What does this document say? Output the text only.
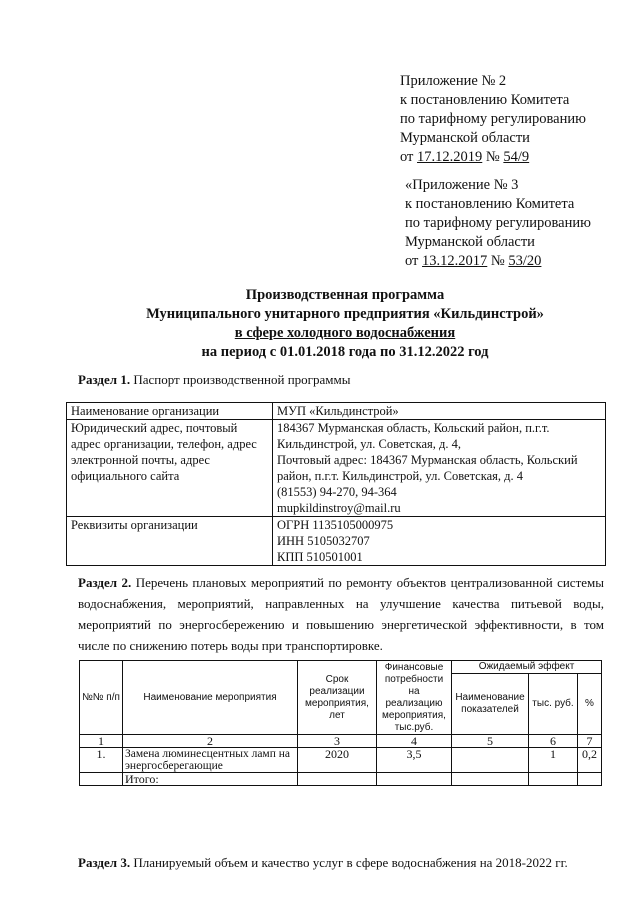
Приложение № 2
к постановлению Комитета
по тарифному регулированию
Мурманской области
от 17.12.2019 № 54/9
«Приложение № 3
к постановлению Комитета
по тарифному регулированию
Мурманской области
от 13.12.2017 № 53/20
Производственная программа
Муниципального унитарного предприятия «Кильдинстрой»
в сфере холодного водоснабжения
на период с 01.01.2018 года по 31.12.2022 год
Раздел 1. Паспорт производственной программы
Наименование организации	МУП «Кильдинстрой»

Юридический адрес, почтовый адрес организации, телефон, адрес электронной почты, адрес официального сайта	184367 Мурманская область, Кольский район, п.г.т. Кильдинстрой, ул. Советская, д. 4,
Почтовый адрес: 184367 Мурманская область, Кольский район, п.г.т. Кильдинстрой, ул. Советская, д. 4
(81553) 94-270, 94-364
mupkildinstroy@mail.ru

Реквизиты организации	ОГРН 1135105000975
ИНН 5105032707
КПП 510501001
Раздел 2. Перечень плановых мероприятий по ремонту объектов централизованной системы водоснабжения, мероприятий, направленных на улучшение качества питьевой воды, мероприятий по энергосбережению и повышению энергетической эффективности, в том числе по снижению потерь воды при транспортировке.
№№ п/п	Наименование мероприятия	Срок реализации мероприятия, лет	Финансовые потребности на реализацию мероприятия, тыс.руб.	Ожидаемый эффект		
				Наименование показателей	тыс. руб.	%
1	2	3	4	5	6	7
1.	Замена люминесцентных ламп на энергосберегающие	2020	3,5		1	0,2
	Итого:					
Раздел 3. Планируемый объем и качество услуг в сфере водоснабжения на 2018-2022 гг.
